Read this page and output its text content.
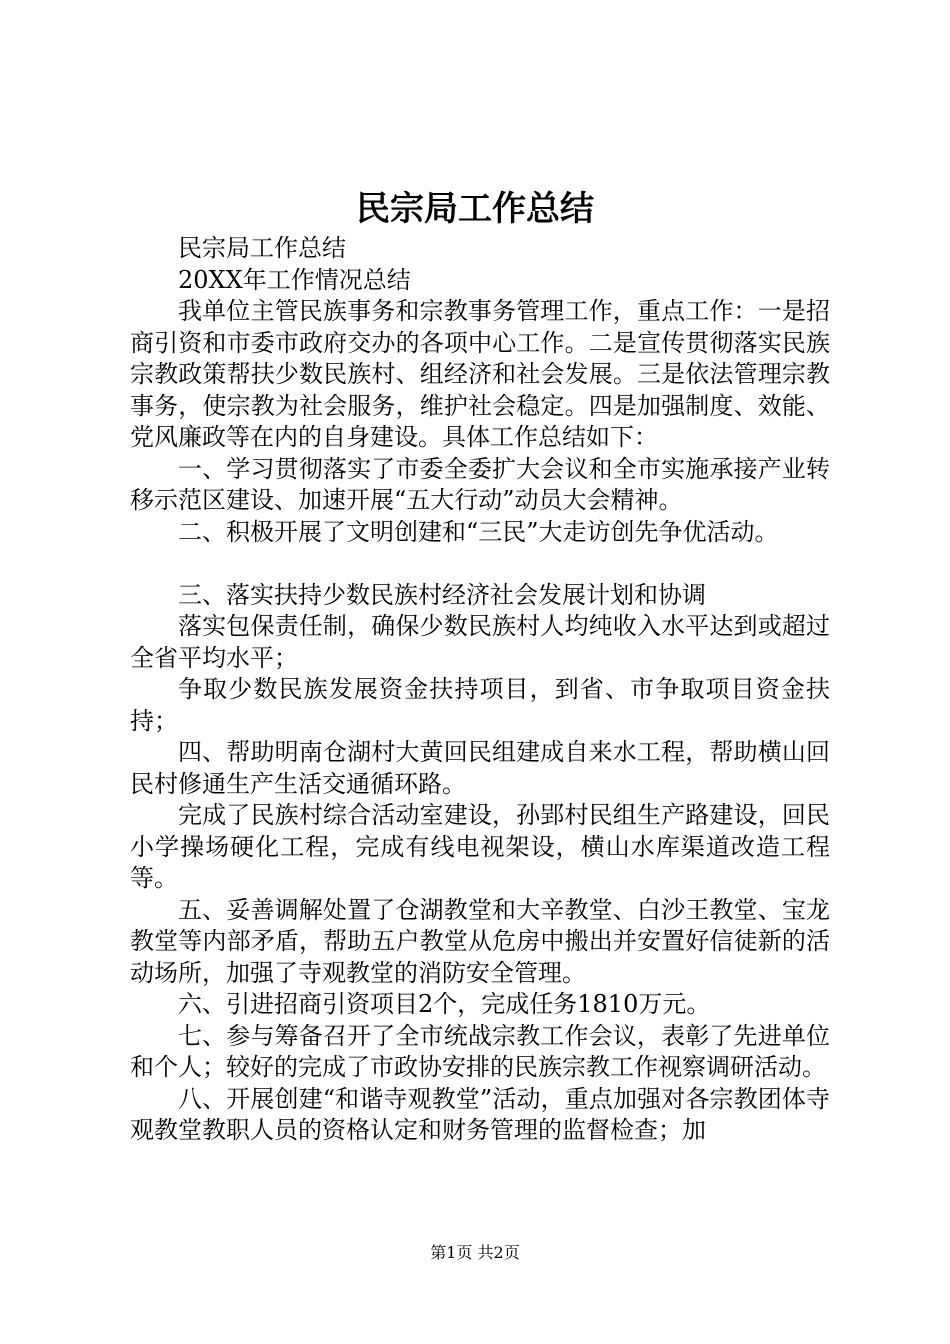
民宗局工作总结

民宗局工作总结

20XX年工作情况总结

我单位主管民族事务和宗教事务管理工作，重点工作：一是招商引资和市委市政府交办的各项中心工作。二是宣传贯彻落实民族宗教政策帮扶少数民族村、组经济和社会发展。三是依法管理宗教事务，使宗教为社会服务，维护社会稳定。四是加强制度、效能、党风廉政等在内的自身建设。具体工作总结如下：

一、学习贯彻落实了市委全委扩大会议和全市实施承接产业转移示范区建设、加速开展“五大行动”动员大会精神。

二、积极开展了文明创建和“三民”大走访创先争优活动。

三、落实扶持少数民族村经济社会发展计划和协调

落实包保责任制，确保少数民族村人均纯收入水平达到或超过全省平均水平；

争取少数民族发展资金扶持项目，到省、市争取项目资金扶持；

四、帮助明南仓湖村大黄回民组建成自来水工程，帮助横山回民村修通生产生活交通循环路。

完成了民族村综合活动室建设，孙郢村民组生产路建设，回民小学操场硬化工程，完成有线电视架设，横山水库渠道改造工程等。

五、妥善调解处置了仓湖教堂和大辛教堂、白沙王教堂、宝龙教堂等内部矛盾，帮助五户教堂从危房中搬出并安置好信徒新的活动场所，加强了寺观教堂的消防安全管理。

六、引进招商引资项目2个，完成任务1810万元。

七、参与筹备召开了全市统战宗教工作会议，表彰了先进单位和个人；较好的完成了市政协安排的民族宗教工作视察调研活动。

八、开展创建“和谐寺观教堂”活动，重点加强对各宗教团体寺观教堂教职人员的资格认定和财务管理的监督检查；加

第1页 共2页
